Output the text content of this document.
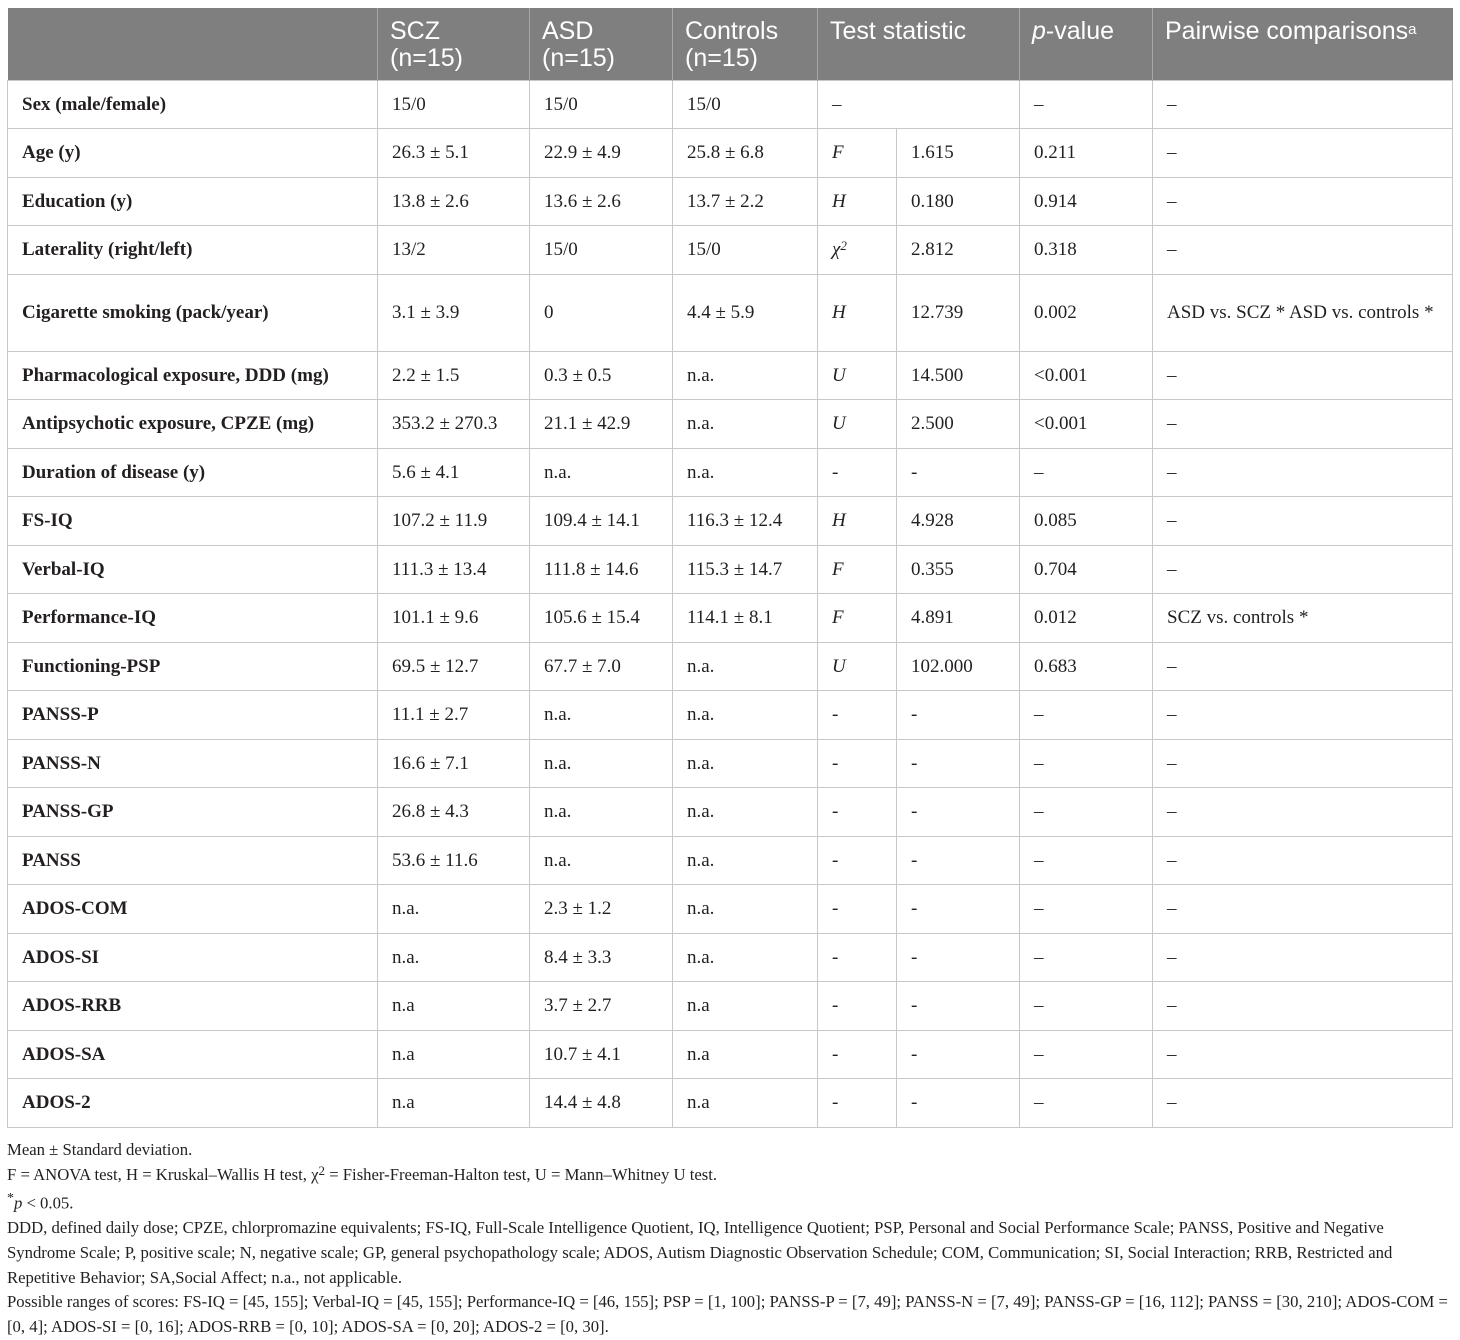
	SCZ (n=15)	ASD (n=15)	Controls (n=15)	Test statistic		p-value	Pairwise comparisons$^a$
Sex (male/female)	15/0	15/0	15/0	–		–	–
Age (y)	26.3 ± 5.1	22.9 ± 4.9	25.8 ± 6.8	F	1.615	0.211	–
Education (y)	13.8 ± 2.6	13.6 ± 2.6	13.7 ± 2.2	H	0.180	0.914	–
Laterality (right/left)	13/2	15/0	15/0	$\chi^2$	2.812	0.318	–
Cigarette smoking (pack/year)	3.1 ± 3.9	0	4.4 ± 5.9	H	12.739	0.002	ASD vs. SCZ * ASD vs. controls *
Pharmacological exposure, DDD (mg)	2.2 ± 1.5	0.3 ± 0.5	n.a.	U	14.500	<0.001	–
Antipsychotic exposure, CPZE (mg)	353.2 ± 270.3	21.1 ± 42.9	n.a.	U	2.500	<0.001	–
Duration of disease (y)	5.6 ± 4.1	n.a.	n.a.	-	-	–	–
FS-IQ	107.2 ± 11.9	109.4 ± 14.1	116.3 ± 12.4	H	4.928	0.085	–
Verbal-IQ	111.3 ± 13.4	111.8 ± 14.6	115.3 ± 14.7	F	0.355	0.704	–
Performance-IQ	101.1 ± 9.6	105.6 ± 15.4	114.1 ± 8.1	F	4.891	0.012	SCZ vs. controls *
Functioning-PSP	69.5 ± 12.7	67.7 ± 7.0	n.a.	U	102.000	0.683	–
PANSS-P	11.1 ± 2.7	n.a.	n.a.	-	-	–	–
PANSS-N	16.6 ± 7.1	n.a.	n.a.	-	-	–	–
PANSS-GP	26.8 ± 4.3	n.a.	n.a.	-	-	–	–
PANSS	53.6 ± 11.6	n.a.	n.a.	-	-	–	–
ADOS-COM	n.a.	2.3 ± 1.2	n.a.	-	-	–	–
ADOS-SI	n.a.	8.4 ± 3.3	n.a.	-	-	–	–
ADOS-RRB	n.a	3.7 ± 2.7	n.a	-	-	–	–
ADOS-SA	n.a	10.7 ± 4.1	n.a	-	-	–	–
ADOS-2	n.a	14.4 ± 4.8	n.a	-	-	–	–
Mean ± Standard deviation.
F = ANOVA test, H = Kruskal–Wallis H test, $\chi^2$ = Fisher-Freeman-Halton test, U = Mann–Whitney U test.
*p < 0.05.
DDD, defined daily dose; CPZE, chlorpromazine equivalents; FS-IQ, Full-Scale Intelligence Quotient, IQ, Intelligence Quotient; PSP, Personal and Social Performance Scale; PANSS, Positive and Negative Syndrome Scale; P, positive scale; N, negative scale; GP, general psychopathology scale; ADOS, Autism Diagnostic Observation Schedule; COM, Communication; SI, Social Interaction; RRB, Restricted and Repetitive Behavior; SA,Social Affect; n.a., not applicable.
Possible ranges of scores: FS-IQ = [45, 155]; Verbal-IQ = [45, 155]; Performance-IQ = [46, 155]; PSP = [1, 100]; PANSS-P = [7, 49]; PANSS-N = [7, 49]; PANSS-GP = [16, 112]; PANSS = [30, 210]; ADOS-COM = [0, 4]; ADOS-SI = [0, 16]; ADOS-RRB = [0, 10]; ADOS-SA = [0, 20]; ADOS-2 = [0, 30].
